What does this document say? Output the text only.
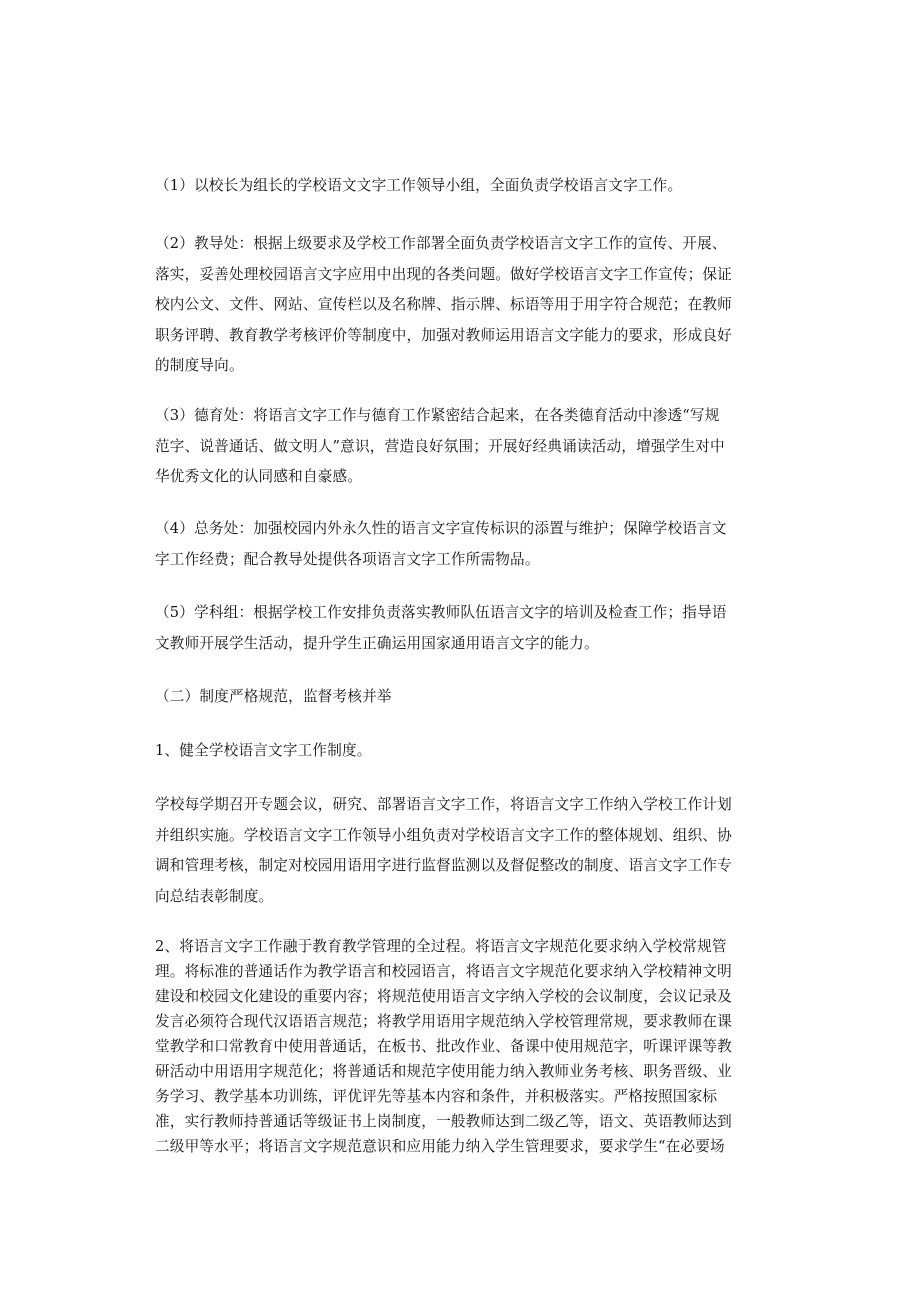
（1）以校长为组长的学校语文文字工作领导小组，全面负责学校语言文字工作。

（2）教导处：根据上级要求及学校工作部署全面负责学校语言文字工作的宣传、开展、
落实，妥善处理校园语言文字应用中出现的各类问题。做好学校语言文字工作宣传；保证
校内公文、文件、网站、宣传栏以及名称牌、指示牌、标语等用于用字符合规范；在教师
职务评聘、教育教学考核评价等制度中，加强对教师运用语言文字能力的要求，形成良好
的制度导向。

（3）德育处：将语言文字工作与德育工作紧密结合起来，在各类德育活动中渗透“写规
范字、说普通话、做文明人”意识，营造良好氛围；开展好经典诵读活动，增强学生对中
华优秀文化的认同感和自豪感。

（4）总务处：加强校园内外永久性的语言文字宣传标识的添置与维护；保障学校语言文
字工作经费；配合教导处提供各项语言文字工作所需物品。

（5）学科组：根据学校工作安排负责落实教师队伍语言文字的培训及检查工作；指导语
文教师开展学生活动，提升学生正确运用国家通用语言文字的能力。

（二）制度严格规范，监督考核并举

1、健全学校语言文字工作制度。

学校每学期召开专题会议，研究、部署语言文字工作，将语言文字工作纳入学校工作计划
并组织实施。学校语言文字工作领导小组负责对学校语言文字工作的整体规划、组织、协
调和管理考核，制定对校园用语用字进行监督监测以及督促整改的制度、语言文字工作专
向总结表彰制度。

2、将语言文字工作融于教育教学管理的全过程。将语言文字规范化要求纳入学校常规管
理。将标准的普通话作为教学语言和校园语言，将语言文字规范化要求纳入学校精神文明
建设和校园文化建设的重要内容；将规范使用语言文字纳入学校的会议制度，会议记录及
发言必须符合现代汉语语言规范；将教学用语用字规范纳入学校管理常规，要求教师在课
堂教学和口常教育中使用普通话，在板书、批改作业、备课中使用规范字，听课评课等教
研活动中用语用字规范化；将普通话和规范字使用能力纳入教师业务考核、职务晋级、业
务学习、教学基本功训练，评优评先等基本内容和条件，并积极落实。严格按照国家标
准，实行教师持普通话等级证书上岗制度，一般教师达到二级乙等，语文、英语教师达到
二级甲等水平；将语言文字规范意识和应用能力纳入学生管理要求，要求学生“在必要场
